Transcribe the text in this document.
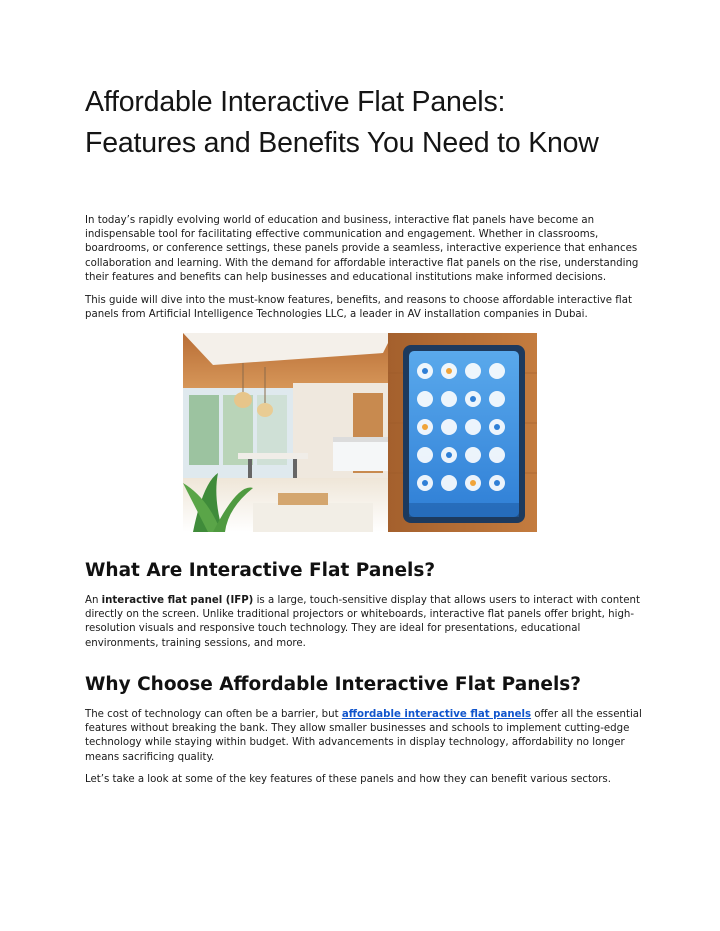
Affordable Interactive Flat Panels: Features and Benefits You Need to Know

In today’s rapidly evolving world of education and business, interactive flat panels have become an indispensable tool for facilitating effective communication and engagement. Whether in classrooms, boardrooms, or conference settings, these panels provide a seamless, interactive experience that enhances collaboration and learning. With the demand for affordable interactive flat panels on the rise, understanding their features and benefits can help businesses and educational institutions make informed decisions.

This guide will dive into the must-know features, benefits, and reasons to choose affordable interactive flat panels from Artificial Intelligence Technologies LLC, a leader in AV installation companies in Dubai.

What Are Interactive Flat Panels?

An interactive flat panel (IFP) is a large, touch-sensitive display that allows users to interact with content directly on the screen. Unlike traditional projectors or whiteboards, interactive flat panels offer bright, high-resolution visuals and responsive touch technology. They are ideal for presentations, educational environments, training sessions, and more.

Why Choose Affordable Interactive Flat Panels?

The cost of technology can often be a barrier, but affordable interactive flat panels offer all the essential features without breaking the bank. They allow smaller businesses and schools to implement cutting-edge technology while staying within budget. With advancements in display technology, affordability no longer means sacrificing quality.

Let’s take a look at some of the key features of these panels and how they can benefit various sectors.
